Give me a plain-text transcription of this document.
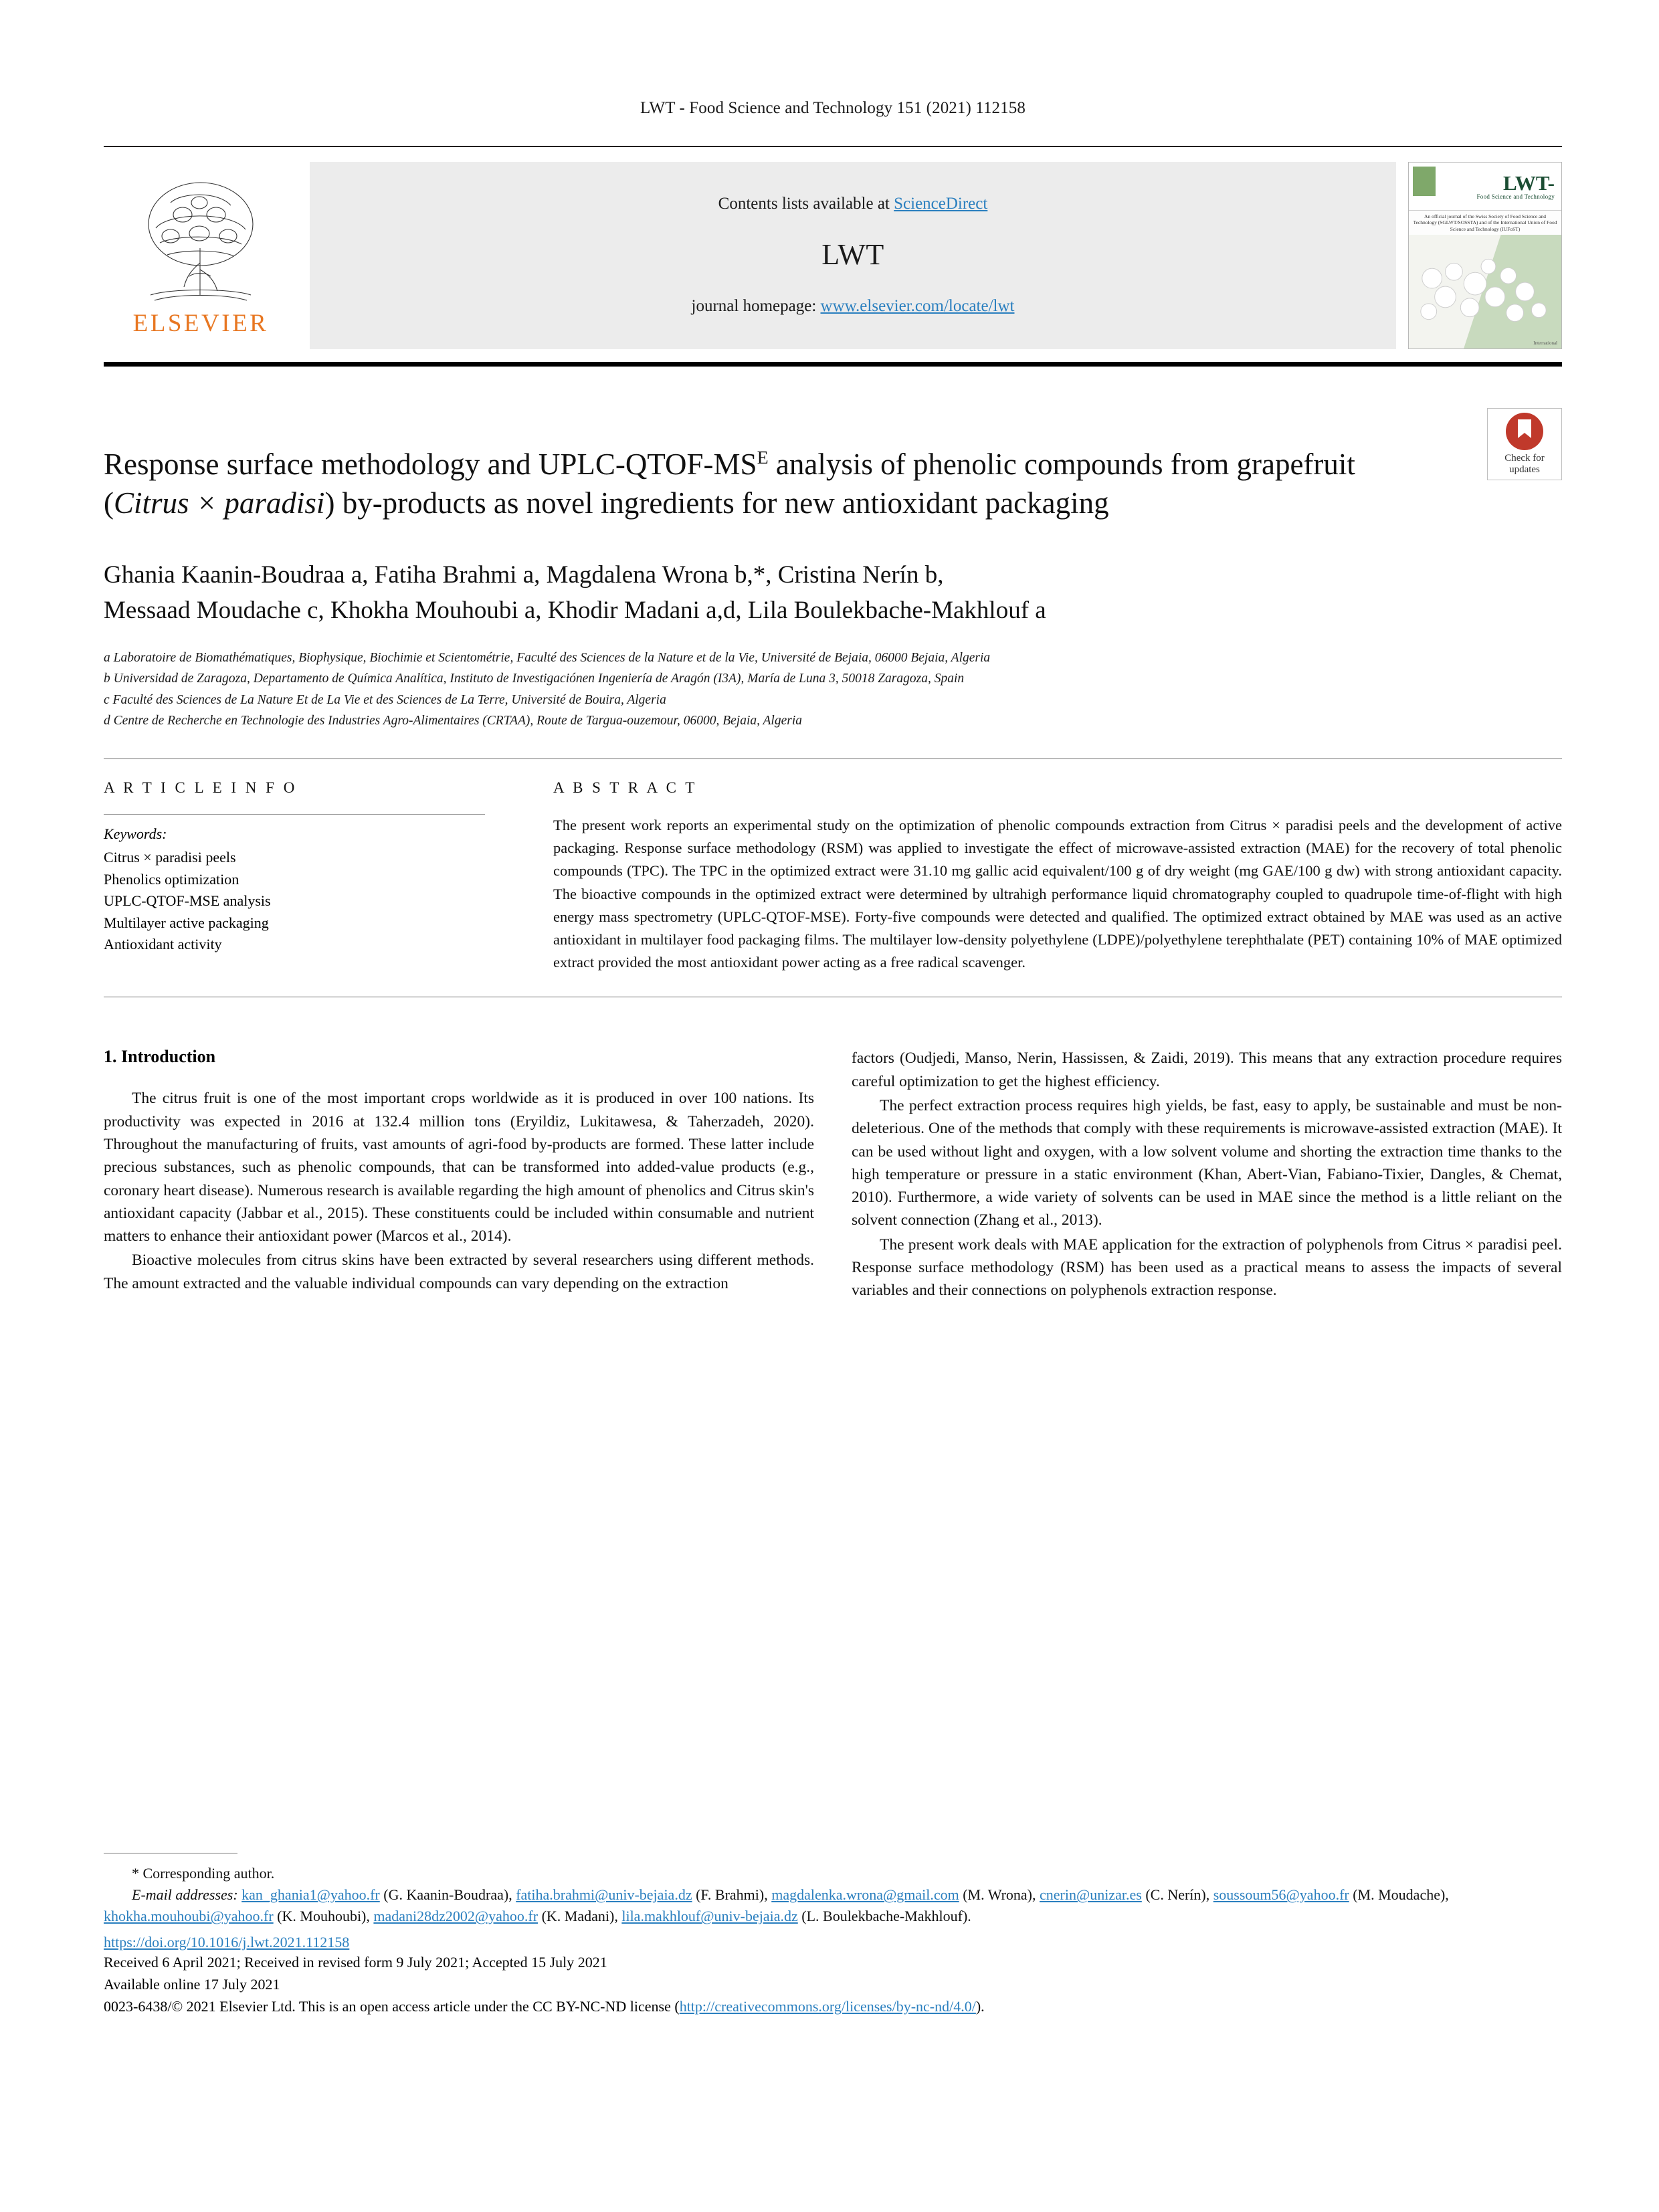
LWT - Food Science and Technology 151 (2021) 112158
ELSEVIER
Contents lists available at ScienceDirect
LWT
journal homepage: www.elsevier.com/locate/lwt
LWT-
Food Science and Technology
An official journal of the Swiss Society of Food Science and Technology (SGLWT/SOSSTA) and of the International Union of Food Science and Technology (IUFoST)
International
Check for
updates
Response surface methodology and UPLC-$QTOF-MS^E$ analysis of phenolic compounds from grapefruit (Citrus × paradisi) by-products as novel ingredients for new antioxidant packaging
Ghania Kaanin-Boudraa a, Fatiha Brahmi a, Magdalena Wrona b,*, Cristina Nerín b,
Messaad Moudache c, Khokha Mouhoubi a, Khodir Madani a,d, Lila Boulekbache-Makhlouf a
a Laboratoire de Biomathématiques, Biophysique, Biochimie et Scientométrie, Faculté des Sciences de la Nature et de la Vie, Université de Bejaia, 06000 Bejaia, Algeria
b Universidad de Zaragoza, Departamento de Química Analítica, Instituto de Investigaciónen Ingeniería de Aragón (I3A), María de Luna 3, 50018 Zaragoza, Spain
c Faculté des Sciences de La Nature Et de La Vie et des Sciences de La Terre, Université de Bouira, Algeria
d Centre de Recherche en Technologie des Industries Agro-Alimentaires (CRTAA), Route de Targua-ouzemour, 06000, Bejaia, Algeria
A R T I C L E I N F O
Keywords:
Citrus × paradisi peels
Phenolics optimization
UPLC-QTOF-MSE analysis
Multilayer active packaging
Antioxidant activity
A B S T R A C T
The present work reports an experimental study on the optimization of phenolic compounds extraction from Citrus × paradisi peels and the development of active packaging. Response surface methodology (RSM) was applied to investigate the effect of microwave-assisted extraction (MAE) for the recovery of total phenolic compounds (TPC). The TPC in the optimized extract were 31.10 mg gallic acid equivalent/100 g of dry weight (mg GAE/100 g dw) with strong antioxidant capacity. The bioactive compounds in the optimized extract were determined by ultrahigh performance liquid chromatography coupled to quadrupole time-of-flight with high energy mass spectrometry (UPLC-QTOF-MSE). Forty-five compounds were detected and qualified. The optimized extract obtained by MAE was used as an active antioxidant in multilayer food packaging films. The multilayer low-density polyethylene (LDPE)/polyethylene terephthalate (PET) containing 10% of MAE optimized extract provided the most antioxidant power acting as a free radical scavenger.
1. Introduction

The citrus fruit is one of the most important crops worldwide as it is produced in over 100 nations. Its productivity was expected in 2016 at 132.4 million tons (Eryildiz, Lukitawesa, & Taherzadeh, 2020). Throughout the manufacturing of fruits, vast amounts of agri-food by-products are formed. These latter include precious substances, such as phenolic compounds, that can be transformed into added-value products (e.g., coronary heart disease). Numerous research is available regarding the high amount of phenolics and Citrus skin's antioxidant capacity (Jabbar et al., 2015). These constituents could be included within consumable and nutrient matters to enhance their antioxidant power (Marcos et al., 2014).

Bioactive molecules from citrus skins have been extracted by several researchers using different methods. The amount extracted and the valuable individual compounds can vary depending on the extraction

factors (Oudjedi, Manso, Nerin, Hassissen, & Zaidi, 2019). This means that any extraction procedure requires careful optimization to get the highest efficiency.

The perfect extraction process requires high yields, be fast, easy to apply, be sustainable and must be non-deleterious. One of the methods that comply with these requirements is microwave-assisted extraction (MAE). It can be used without light and oxygen, with a low solvent volume and shorting the extraction time thanks to the high temperature or pressure in a static environment (Khan, Abert-Vian, Fabiano-Tixier, Dangles, & Chemat, 2010). Furthermore, a wide variety of solvents can be used in MAE since the method is a little reliant on the solvent connection (Zhang et al., 2013).

The present work deals with MAE application for the extraction of polyphenols from Citrus × paradisi peel. Response surface methodology (RSM) has been used as a practical means to assess the impacts of several variables and their connections on polyphenols extraction response.

* Corresponding author.
E-mail addresses: kan_ghania1@yahoo.fr (G. Kaanin-Boudraa), fatiha.brahmi@univ-bejaia.dz (F. Brahmi), magdalenka.wrona@gmail.com (M. Wrona), cnerin@unizar.es (C. Nerín), soussoum56@yahoo.fr (M. Moudache), khokha.mouhoubi@yahoo.fr (K. Mouhoubi), madani28dz2002@yahoo.fr (K. Madani), lila.makhlouf@univ-bejaia.dz (L. Boulekbache-Makhlouf).
https://doi.org/10.1016/j.lwt.2021.112158
Received 6 April 2021; Received in revised form 9 July 2021; Accepted 15 July 2021
Available online 17 July 2021
0023-6438/© 2021 Elsevier Ltd. This is an open access article under the CC BY-NC-ND license (http://creativecommons.org/licenses/by-nc-nd/4.0/).
